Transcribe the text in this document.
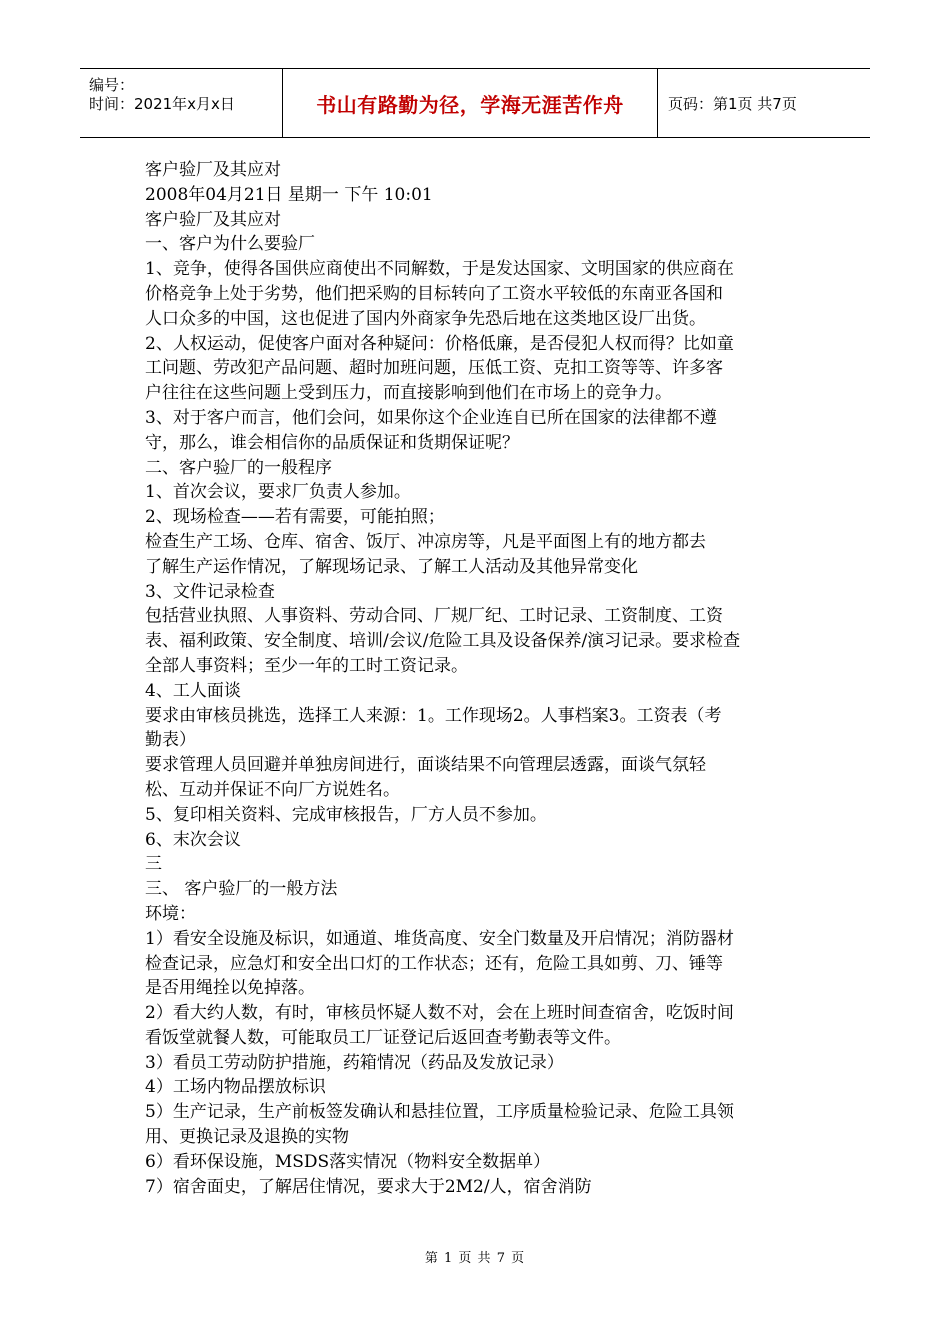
编号：
时间：2021年x月x日	书山有路勤为径，学海无涯苦作舟	页码：第1页 共7页

客户验厂及其应对

2008年04月21日 星期一 下午 10:01

客户验厂及其应对

一、客户为什么要验厂

1、竞争，使得各国供应商使出不同解数，于是发达国家、文明国家的供应商在

价格竞争上处于劣势，他们把采购的目标转向了工资水平较低的东南亚各国和

人口众多的中国，这也促进了国内外商家争先恐后地在这类地区设厂出货。

2、人权运动，促使客户面对各种疑问：价格低廉，是否侵犯人权而得？比如童

工问题、劳改犯产品问题、超时加班问题，压低工资、克扣工资等等、许多客

户往往在这些问题上受到压力，而直接影响到他们在市场上的竞争力。

3、对于客户而言，他们会问，如果你这个企业连自已所在国家的法律都不遵

守，那么，谁会相信你的品质保证和货期保证呢？

二、客户验厂的一般程序

1、首次会议，要求厂负责人参加。

2、现场检查——若有需要，可能拍照；

检查生产工场、仓库、宿舍、饭厅、冲凉房等，凡是平面图上有的地方都去

了解生产运作情况，了解现场记录、了解工人活动及其他异常变化

3、文件记录检查

包括营业执照、人事资料、劳动合同、厂规厂纪、工时记录、工资制度、工资

表、福利政策、安全制度、培训/会议/危险工具及设备保养/演习记录。要求检查

全部人事资料；至少一年的工时工资记录。

4、工人面谈

要求由审核员挑选，选择工人来源：1。工作现场2。人事档案3。工资表（考

勤表）

要求管理人员回避并单独房间进行，面谈结果不向管理层透露，面谈气氛轻

松、互动并保证不向厂方说姓名。

5、复印相关资料、完成审核报告，厂方人员不参加。

6、末次会议

三

三、 客户验厂的一般方法

环境：

1）看安全设施及标识，如通道、堆货高度、安全门数量及开启情况；消防器材

检查记录，应急灯和安全出口灯的工作状态；还有，危险工具如剪、刀、锤等

是否用绳拴以免掉落。

2）看大约人数，有时，审核员怀疑人数不对，会在上班时间查宿舍，吃饭时间

看饭堂就餐人数，可能取员工厂证登记后返回查考勤表等文件。

3）看员工劳动防护措施，药箱情况（药品及发放记录）

4）工场内物品摆放标识

5）生产记录，生产前板签发确认和悬挂位置，工序质量检验记录、危险工具领

用、更换记录及退换的实物

6）看环保设施，MSDS落实情况（物料安全数据单）

7）宿舍面史，了解居住情况，要求大于2M2/人，宿舍消防

第 1 页 共 7 页
